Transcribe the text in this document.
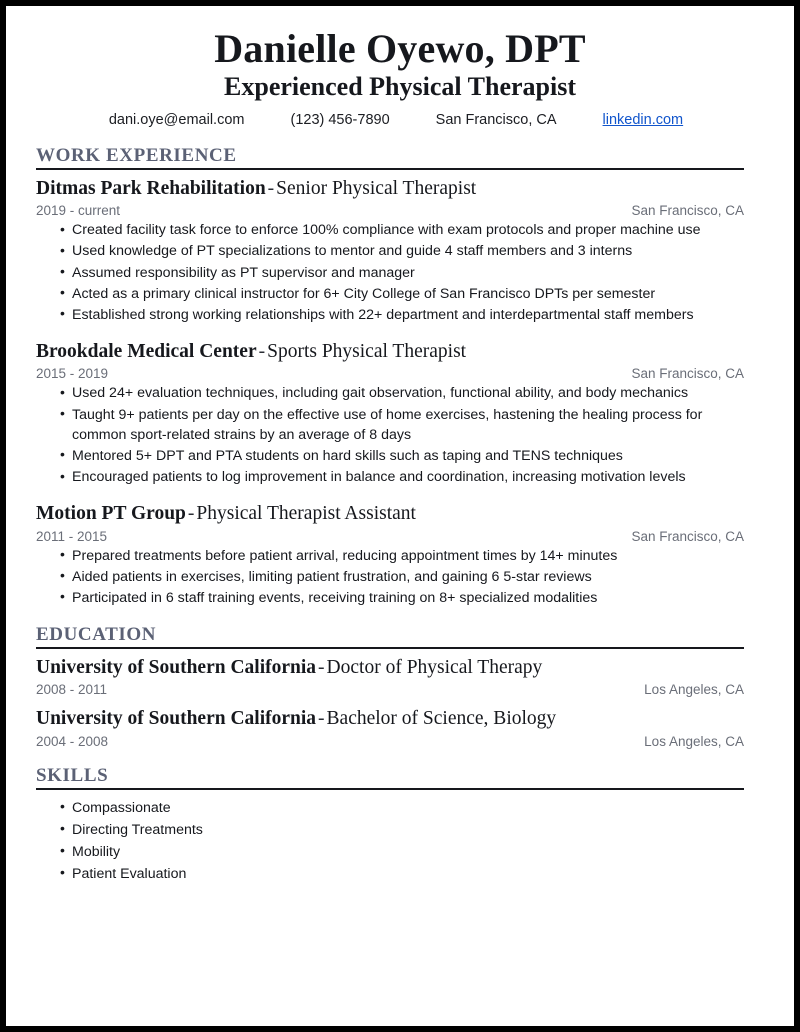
Danielle Oyewo, DPT
Experienced Physical Therapist
dani.oye@email.com	(123) 456-7890	San Francisco, CA	linkedin.com
WORK EXPERIENCE
Ditmas Park Rehabilitation - Senior Physical Therapist
2019 - current	San Francisco, CA
• Created facility task force to enforce 100% compliance with exam protocols and proper machine use
• Used knowledge of PT specializations to mentor and guide 4 staff members and 3 interns
• Assumed responsibility as PT supervisor and manager
• Acted as a primary clinical instructor for 6+ City College of San Francisco DPTs per semester
• Established strong working relationships with 22+ department and interdepartmental staff members
Brookdale Medical Center - Sports Physical Therapist
2015 - 2019	San Francisco, CA
• Used 24+ evaluation techniques, including gait observation, functional ability, and body mechanics
• Taught 9+ patients per day on the effective use of home exercises, hastening the healing process for common sport-related strains by an average of 8 days
• Mentored 5+ DPT and PTA students on hard skills such as taping and TENS techniques
• Encouraged patients to log improvement in balance and coordination, increasing motivation levels
Motion PT Group - Physical Therapist Assistant
2011 - 2015	San Francisco, CA
• Prepared treatments before patient arrival, reducing appointment times by 14+ minutes
• Aided patients in exercises, limiting patient frustration, and gaining 6 5-star reviews
• Participated in 6 staff training events, receiving training on 8+ specialized modalities
EDUCATION
University of Southern California - Doctor of Physical Therapy
2008 - 2011	Los Angeles, CA
University of Southern California - Bachelor of Science, Biology
2004 - 2008	Los Angeles, CA
SKILLS
• Compassionate
• Directing Treatments
• Mobility
• Patient Evaluation
